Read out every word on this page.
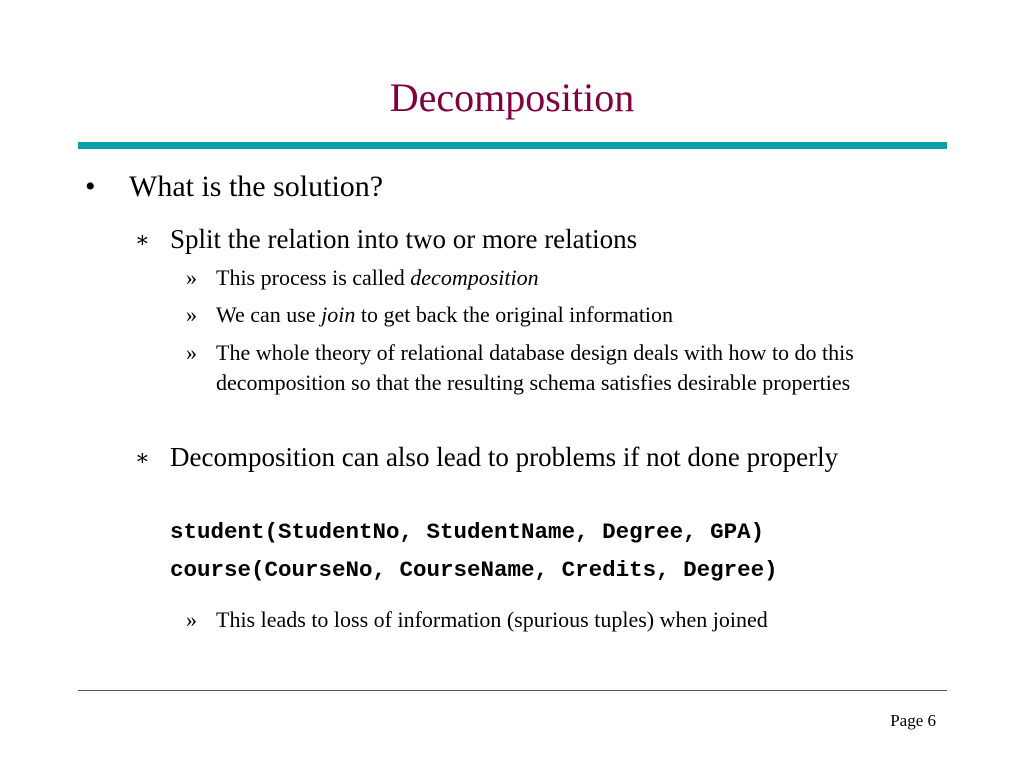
Decomposition
• What is the solution?
∗ Split the relation into two or more relations
» This process is called decomposition
» We can use join to get back the original information
» The whole theory of relational database design deals with how to do this decomposition so that the resulting schema satisfies desirable properties
∗ Decomposition can also lead to problems if not done properly
student(StudentNo, StudentName, Degree, GPA)
course(CourseNo, CourseName, Credits, Degree)
» This leads to loss of information (spurious tuples) when joined
Page 6
